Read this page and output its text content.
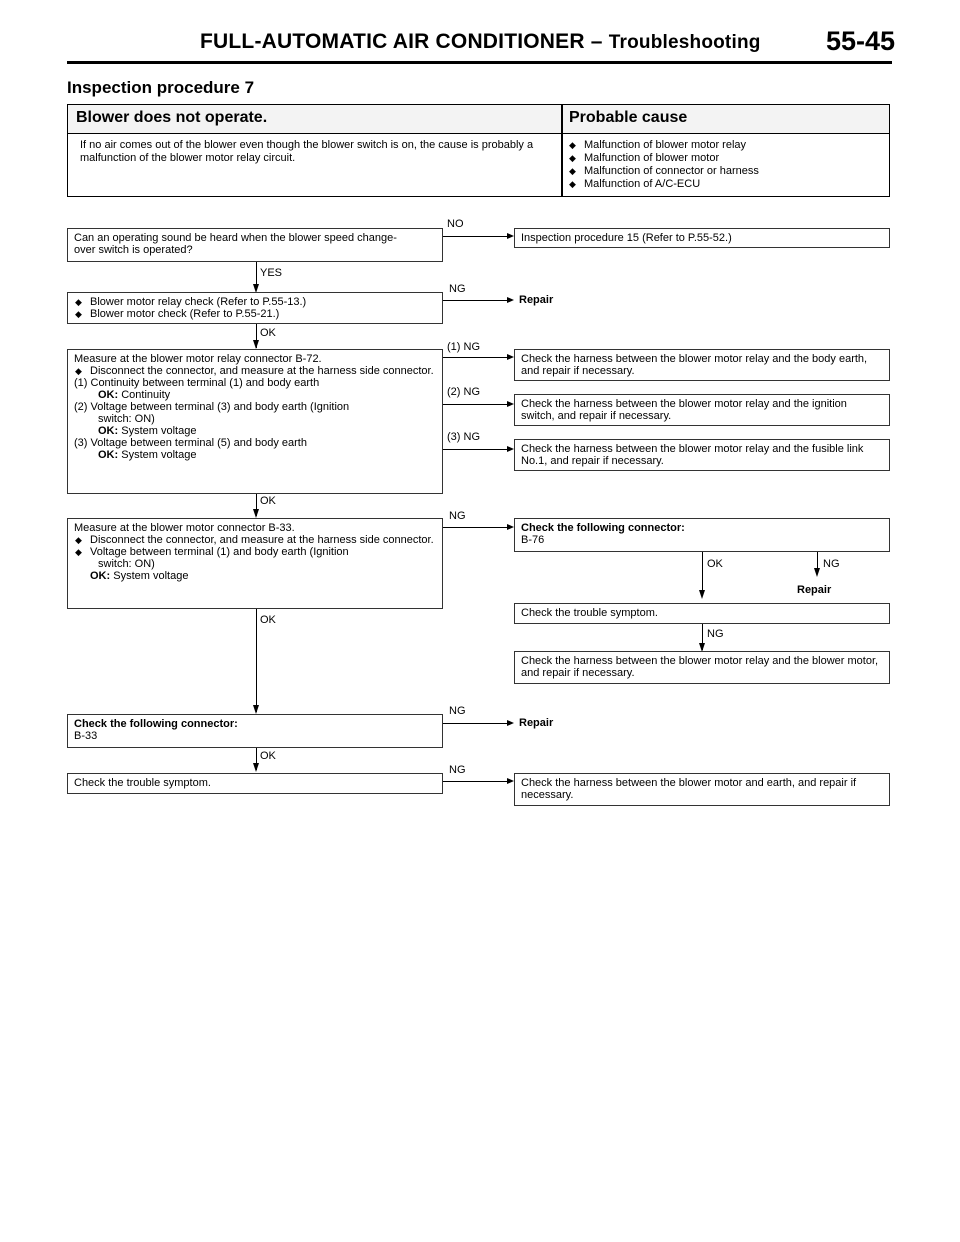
FULL-AUTOMATIC AIR CONDITIONER – Troubleshooting 55-45
Inspection procedure 7
Blower does not operate.	Probable cause
If no air comes out of the blower even though the blower switch is on, the cause is probably a malfunction of the blower motor relay circuit.
◆ Malfunction of blower motor relay
◆ Malfunction of blower motor
◆ Malfunction of connector or harness
◆ Malfunction of A/C-ECU
Can an operating sound be heard when the blower speed change-
over switch is operated?
NO
Inspection procedure 15 (Refer to P.55-52.)
YES
◆ Blower motor relay check (Refer to P.55-13.)
◆ Blower motor check (Refer to P.55-21.)
NG
Repair
OK
Measure at the blower motor relay connector B-72.
◆ Disconnect the connector, and measure at the harness side connector.
(1) Continuity between terminal (1) and body earth
OK: Continuity
(2) Voltage between terminal (3) and body earth (Ignition
switch: ON)
OK: System voltage
(3) Voltage between terminal (5) and body earth
OK: System voltage
(1) NG
Check the harness between the blower motor relay and the body earth, and repair if necessary.
(2) NG
Check the harness between the blower motor relay and the ignition switch, and repair if necessary.
(3) NG
Check the harness between the blower motor relay and the fusible link No.1, and repair if necessary.
OK
Measure at the blower motor connector B-33.
◆ Disconnect the connector, and measure at the harness side connector.
◆ Voltage between terminal (1) and body earth (Ignition
switch: ON)
OK: System voltage
NG
Check the following connector:
B-76
OK	NG
Repair
Check the trouble symptom.
NG
Check the harness between the blower motor relay and the blower motor, and repair if necessary.
OK
Check the following connector:
B-33
NG
Repair
OK
Check the trouble symptom.
NG
Check the harness between the blower motor and earth, and repair if necessary.
